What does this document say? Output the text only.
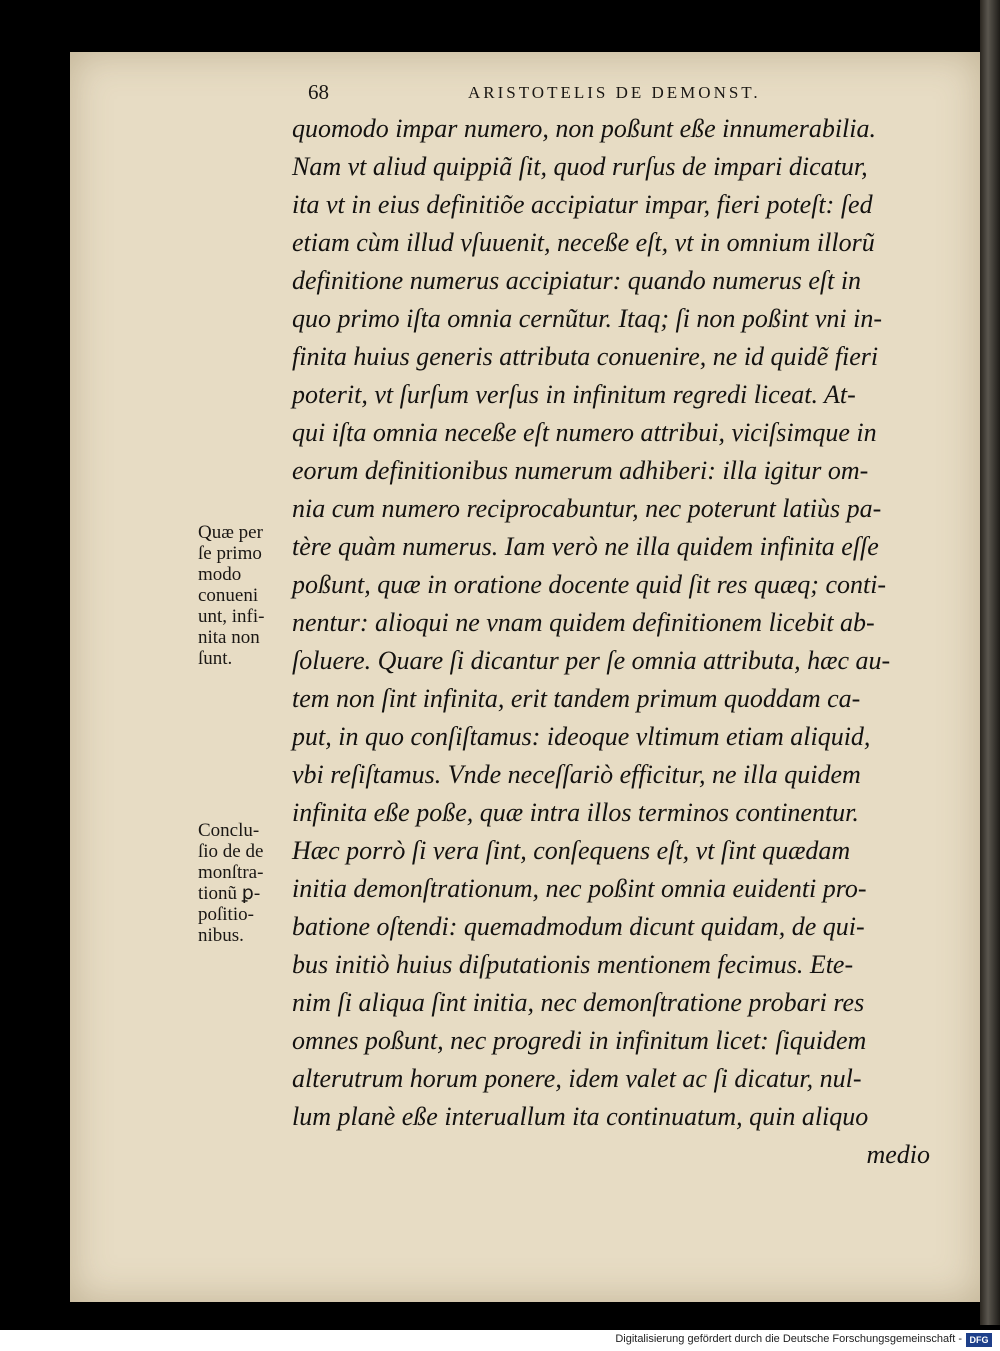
68	ARISTOTELIS DE DEMONST.
quomodo impar numero, non poßunt eße innumerabilia.
Nam vt aliud quippiã ſit, quod rurſus de impari dicatur,
ita vt in eius definitiõe accipiatur impar, fieri poteſt: ſed
etiam cùm illud vſuuenit, neceße eſt, vt in omnium illorũ
definitione numerus accipiatur: quando numerus eſt in
quo primo iſta omnia cernũtur. Itaq; ſi non poßint vni in-
finita huius generis attributa conuenire, ne id quidẽ fieri
poterit, vt ſurſum verſus in infinitum regredi liceat. At-
qui iſta omnia neceße eſt numero attribui, viciſsimque in
eorum definitionibus numerum adhiberi: illa igitur om-
nia cum numero reciprocabuntur, nec poterunt latiùs pa-
tère quàm numerus. Iam verò ne illa quidem infinita eſſe
poßunt, quæ in oratione docente quid ſit res quæq; conti-
nentur: alioqui ne vnam quidem definitionem licebit ab-
ſoluere. Quare ſi dicantur per ſe omnia attributa, hæc au-
tem non ſint infinita, erit tandem primum quoddam ca-
put, in quo conſiſtamus: ideoque vltimum etiam aliquid,
vbi reſiſtamus. Vnde neceſſariò efficitur, ne illa quidem
infinita eße poße, quæ intra illos terminos continentur.
Hæc porrò ſi vera ſint, conſequens eſt, vt ſint quædam
initia demonſtrationum, nec poßint omnia euidenti pro-
batione oſtendi: quemadmodum dicunt quidam, de qui-
bus initiò huius diſputationis mentionem fecimus. Ete-
nim ſi aliqua ſint initia, nec demonſtratione probari res
omnes poßunt, nec progredi in infinitum licet: ſiquidem
alterutrum horum ponere, idem valet ac ſi dicatur, nul-
lum planè eße interuallum ita continuatum, quin aliquo
medio
Quæ per
ſe primo
modo
conueni
unt, infi-
nita non
ſunt.
Conclu-
ſio de de
monſtra-
tionũ ꝑ-
poſitio-
nibus.
Digitalisierung gefördert durch die Deutsche Forschungsgemeinschaft - DFG
